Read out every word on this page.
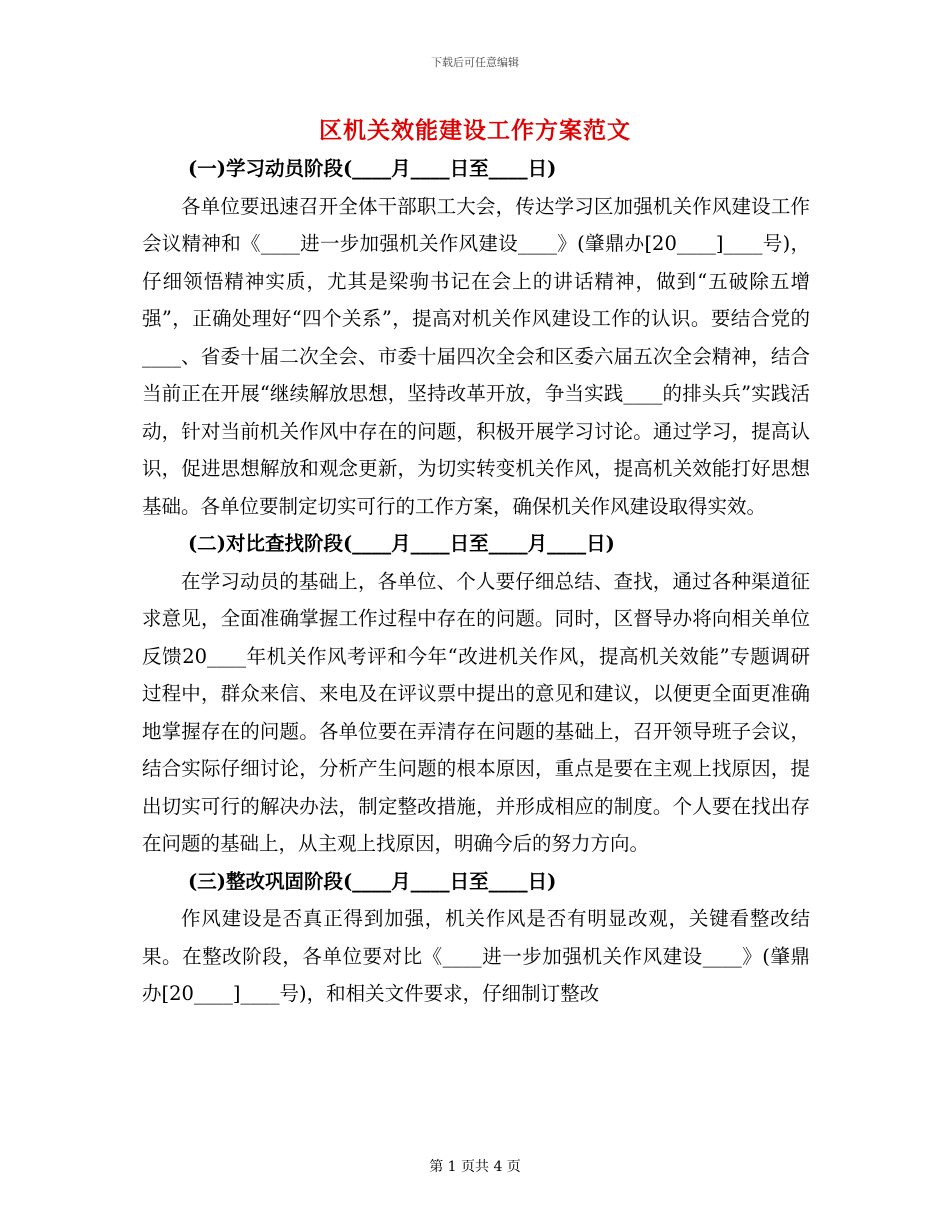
下载后可任意编辑
区机关效能建设工作方案范文
(一)学习动员阶段(____月____日至____日)

各单位要迅速召开全体干部职工大会，传达学习区加强机关作风建设工作会议精神和《____进一步加强机关作风建设____》(肇鼎办[20____]____号)，仔细领悟精神实质，尤其是梁驹书记在会上的讲话精神，做到“五破除五增强”，正确处理好“四个关系”，提高对机关作风建设工作的认识。要结合党的____、省委十届二次全会、市委十届四次全会和区委六届五次全会精神，结合当前正在开展“继续解放思想，坚持改革开放，争当实践____的排头兵”实践活动，针对当前机关作风中存在的问题，积极开展学习讨论。通过学习，提高认识，促进思想解放和观念更新，为切实转变机关作风，提高机关效能打好思想基础。各单位要制定切实可行的工作方案，确保机关作风建设取得实效。

(二)对比查找阶段(____月____日至____月____日)

在学习动员的基础上，各单位、个人要仔细总结、查找，通过各种渠道征求意见，全面准确掌握工作过程中存在的问题。同时，区督导办将向相关单位反馈20____年机关作风考评和今年“改进机关作风，提高机关效能”专题调研过程中，群众来信、来电及在评议票中提出的意见和建议，以便更全面更准确地掌握存在的问题。各单位要在弄清存在问题的基础上，召开领导班子会议，结合实际仔细讨论，分析产生问题的根本原因，重点是要在主观上找原因，提出切实可行的解决办法，制定整改措施，并形成相应的制度。个人要在找出存在问题的基础上，从主观上找原因，明确今后的努力方向。

(三)整改巩固阶段(____月____日至____日)

作风建设是否真正得到加强，机关作风是否有明显改观，关键看整改结果。在整改阶段，各单位要对比《____进一步加强机关作风建设____》(肇鼎办[20____]____号)，和相关文件要求，仔细制订整改

第 1 页共 4 页
